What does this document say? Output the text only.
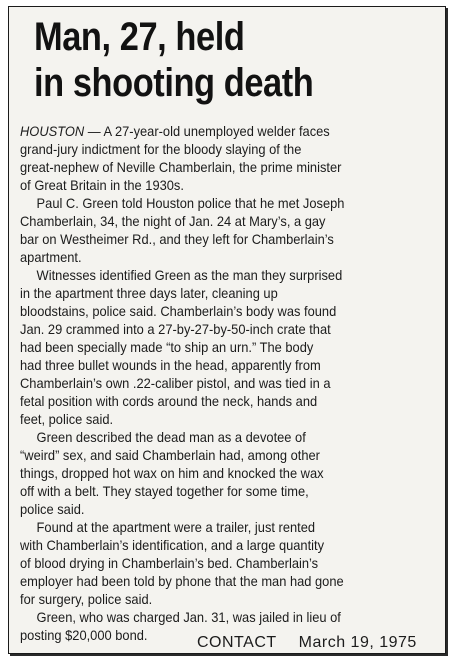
Man, 27, held
in shooting death
HOUSTON — A 27-year-old unemployed welder faces
grand-jury indictment for the bloody slaying of the
great-nephew of Neville Chamberlain, the prime minister
of Great Britain in the 1930s.
Paul C. Green told Houston police that he met Joseph
Chamberlain, 34, the night of Jan. 24 at Mary’s, a gay
bar on Westheimer Rd., and they left for Chamberlain’s
apartment.
Witnesses identified Green as the man they surprised
in the apartment three days later, cleaning up
bloodstains, police said. Chamberlain’s body was found
Jan. 29 crammed into a 27-by-27-by-50-inch crate that
had been specially made “to ship an urn.” The body
had three bullet wounds in the head, apparently from
Chamberlain’s own .22-caliber pistol, and was tied in a
fetal position with cords around the neck, hands and
feet, police said.
Green described the dead man as a devotee of
“weird” sex, and said Chamberlain had, among other
things, dropped hot wax on him and knocked the wax
off with a belt. They stayed together for some time,
police said.
Found at the apartment were a trailer, just rented
with Chamberlain’s identification, and a large quantity
of blood drying in Chamberlain’s bed. Chamberlain’s
employer had been told by phone that the man had gone
for surgery, police said.
Green, who was charged Jan. 31, was jailed in lieu of
posting $20,000 bond.	CONTACT March 19, 1975
